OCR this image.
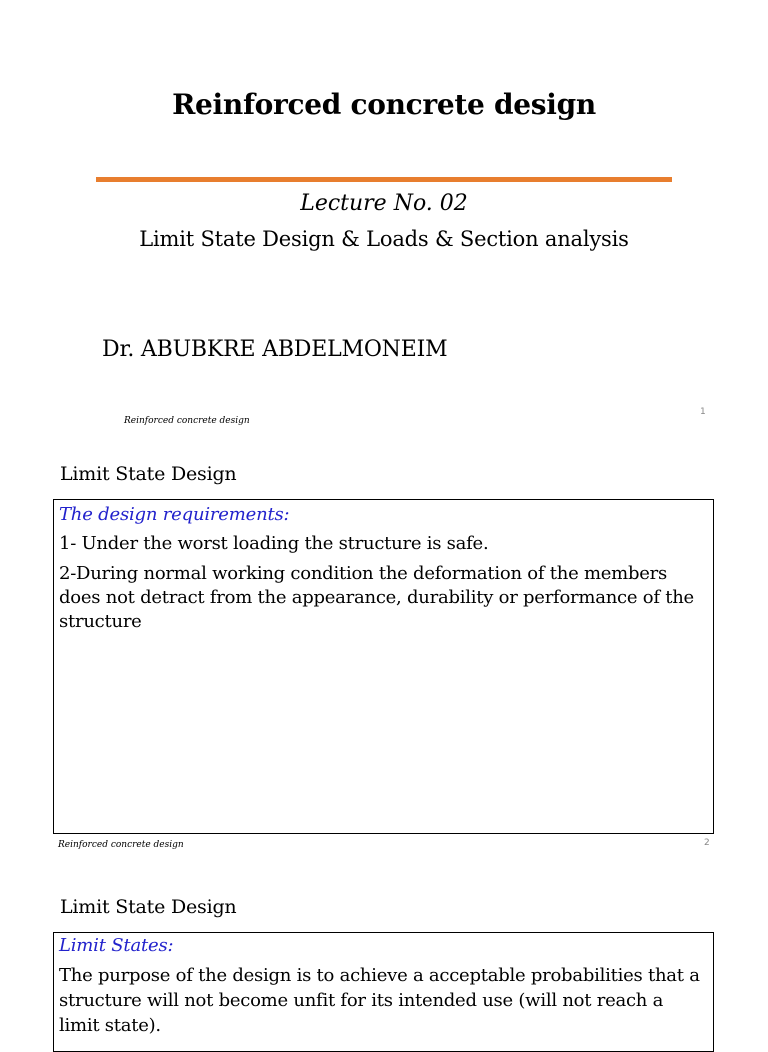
Reinforced concrete design
Lecture No. 02
Limit State Design & Loads & Section analysis
Dr. ABUBKRE ABDELMONEIM
Reinforced concrete design
1
Limit State Design
The design requirements:

1- Under the worst loading the structure is safe.

2-During normal working condition the deformation of the members does not detract from the appearance, durability or performance of the structure

Reinforced concrete design	2
Limit State Design
Limit States:

The purpose of the design is to achieve a acceptable probabilities that a structure will not become unfit for its intended use (will not reach a limit state).
